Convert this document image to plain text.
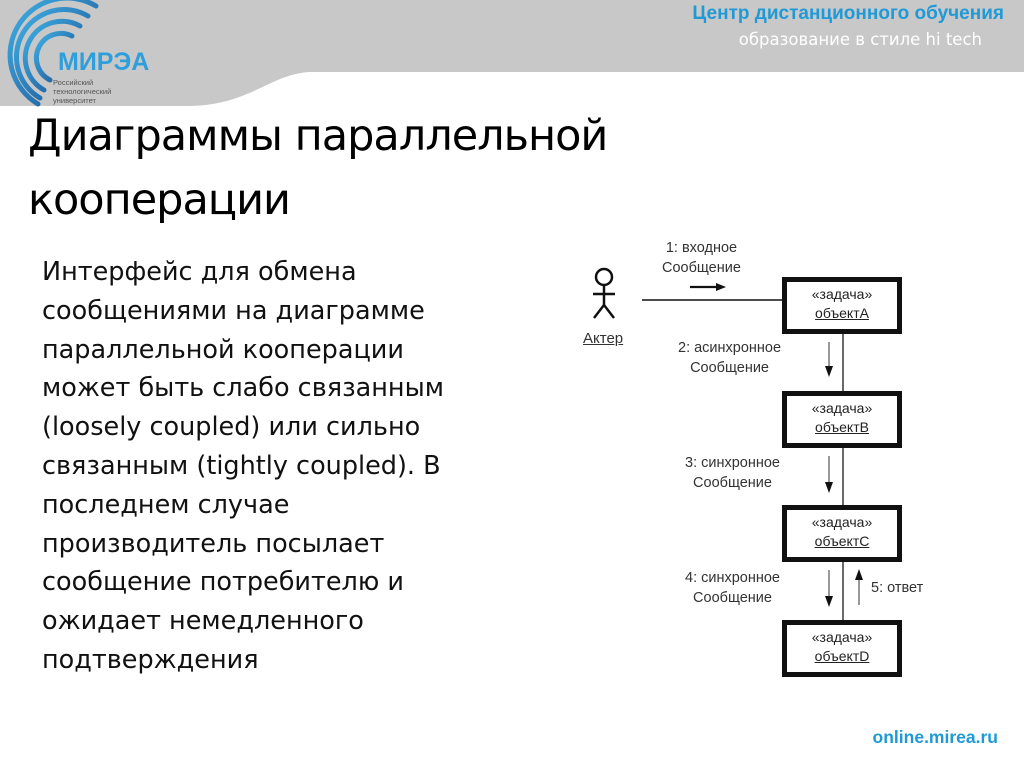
МИРЭА
Российский
технологический
университет
Центр дистанционного обучения
образование в стиле hi tech
Диаграммы параллельной
кооперации
Интерфейс для обмена
сообщениями на диаграмме
параллельной кооперации
может быть слабо связанным
(loosely coupled) или сильно
связанным (tightly coupled). В
последнем случае
производитель посылает
сообщение потребителю и
ожидает немедленного
подтверждения
Актер
1: входное
Сообщение
2: асинхронное
Сообщение
3: синхронное
Сообщение
4: синхронное
Сообщение
5: ответ
«задача»
объектA
«задача»
объектB
«задача»
объектC
«задача»
объектD
online.mirea.ru
